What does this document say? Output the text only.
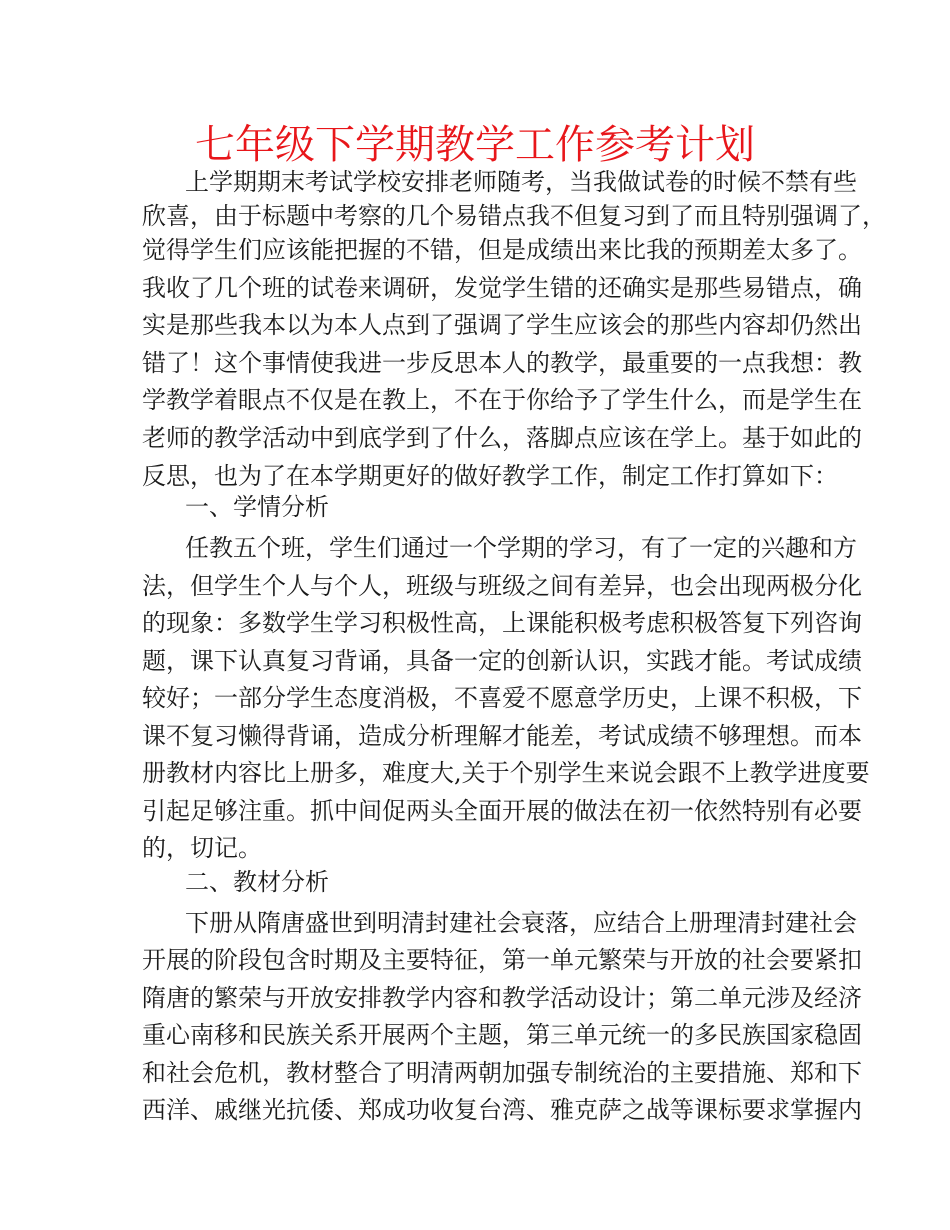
七年级下学期教学工作参考计划

上学期期末考试学校安排老师随考，当我做试卷的时候不禁有些

欣喜，由于标题中考察的几个易错点我不但复习到了而且特别强调了，

觉得学生们应该能把握的不错，但是成绩出来比我的预期差太多了。

我收了几个班的试卷来调研，发觉学生错的还确实是那些易错点，确

实是那些我本以为本人点到了强调了学生应该会的那些内容却仍然出

错了！这个事情使我进一步反思本人的教学，最重要的一点我想：教

学教学着眼点不仅是在教上，不在于你给予了学生什么，而是学生在

老师的教学活动中到底学到了什么，落脚点应该在学上。基于如此的

反思，也为了在本学期更好的做好教学工作，制定工作打算如下：

一、学情分析

任教五个班，学生们通过一个学期的学习，有了一定的兴趣和方

法，但学生个人与个人，班级与班级之间有差异，也会出现两极分化

的现象：多数学生学习积极性高，上课能积极考虑积极答复下列咨询

题，课下认真复习背诵，具备一定的创新认识，实践才能。考试成绩

较好；一部分学生态度消极，不喜爱不愿意学历史，上课不积极，下

课不复习懒得背诵，造成分析理解才能差，考试成绩不够理想。而本

册教材内容比上册多，难度大,关于个别学生来说会跟不上教学进度要

引起足够注重。抓中间促两头全面开展的做法在初一依然特别有必要

的，切记。

二、教材分析

下册从隋唐盛世到明清封建社会衰落，应结合上册理清封建社会

开展的阶段包含时期及主要特征，第一单元繁荣与开放的社会要紧扣

隋唐的繁荣与开放安排教学内容和教学活动设计；第二单元涉及经济

重心南移和民族关系开展两个主题，第三单元统一的多民族国家稳固

和社会危机，教材整合了明清两朝加强专制统治的主要措施、郑和下

西洋、戚继光抗倭、郑成功收复台湾、雅克萨之战等课标要求掌握内
